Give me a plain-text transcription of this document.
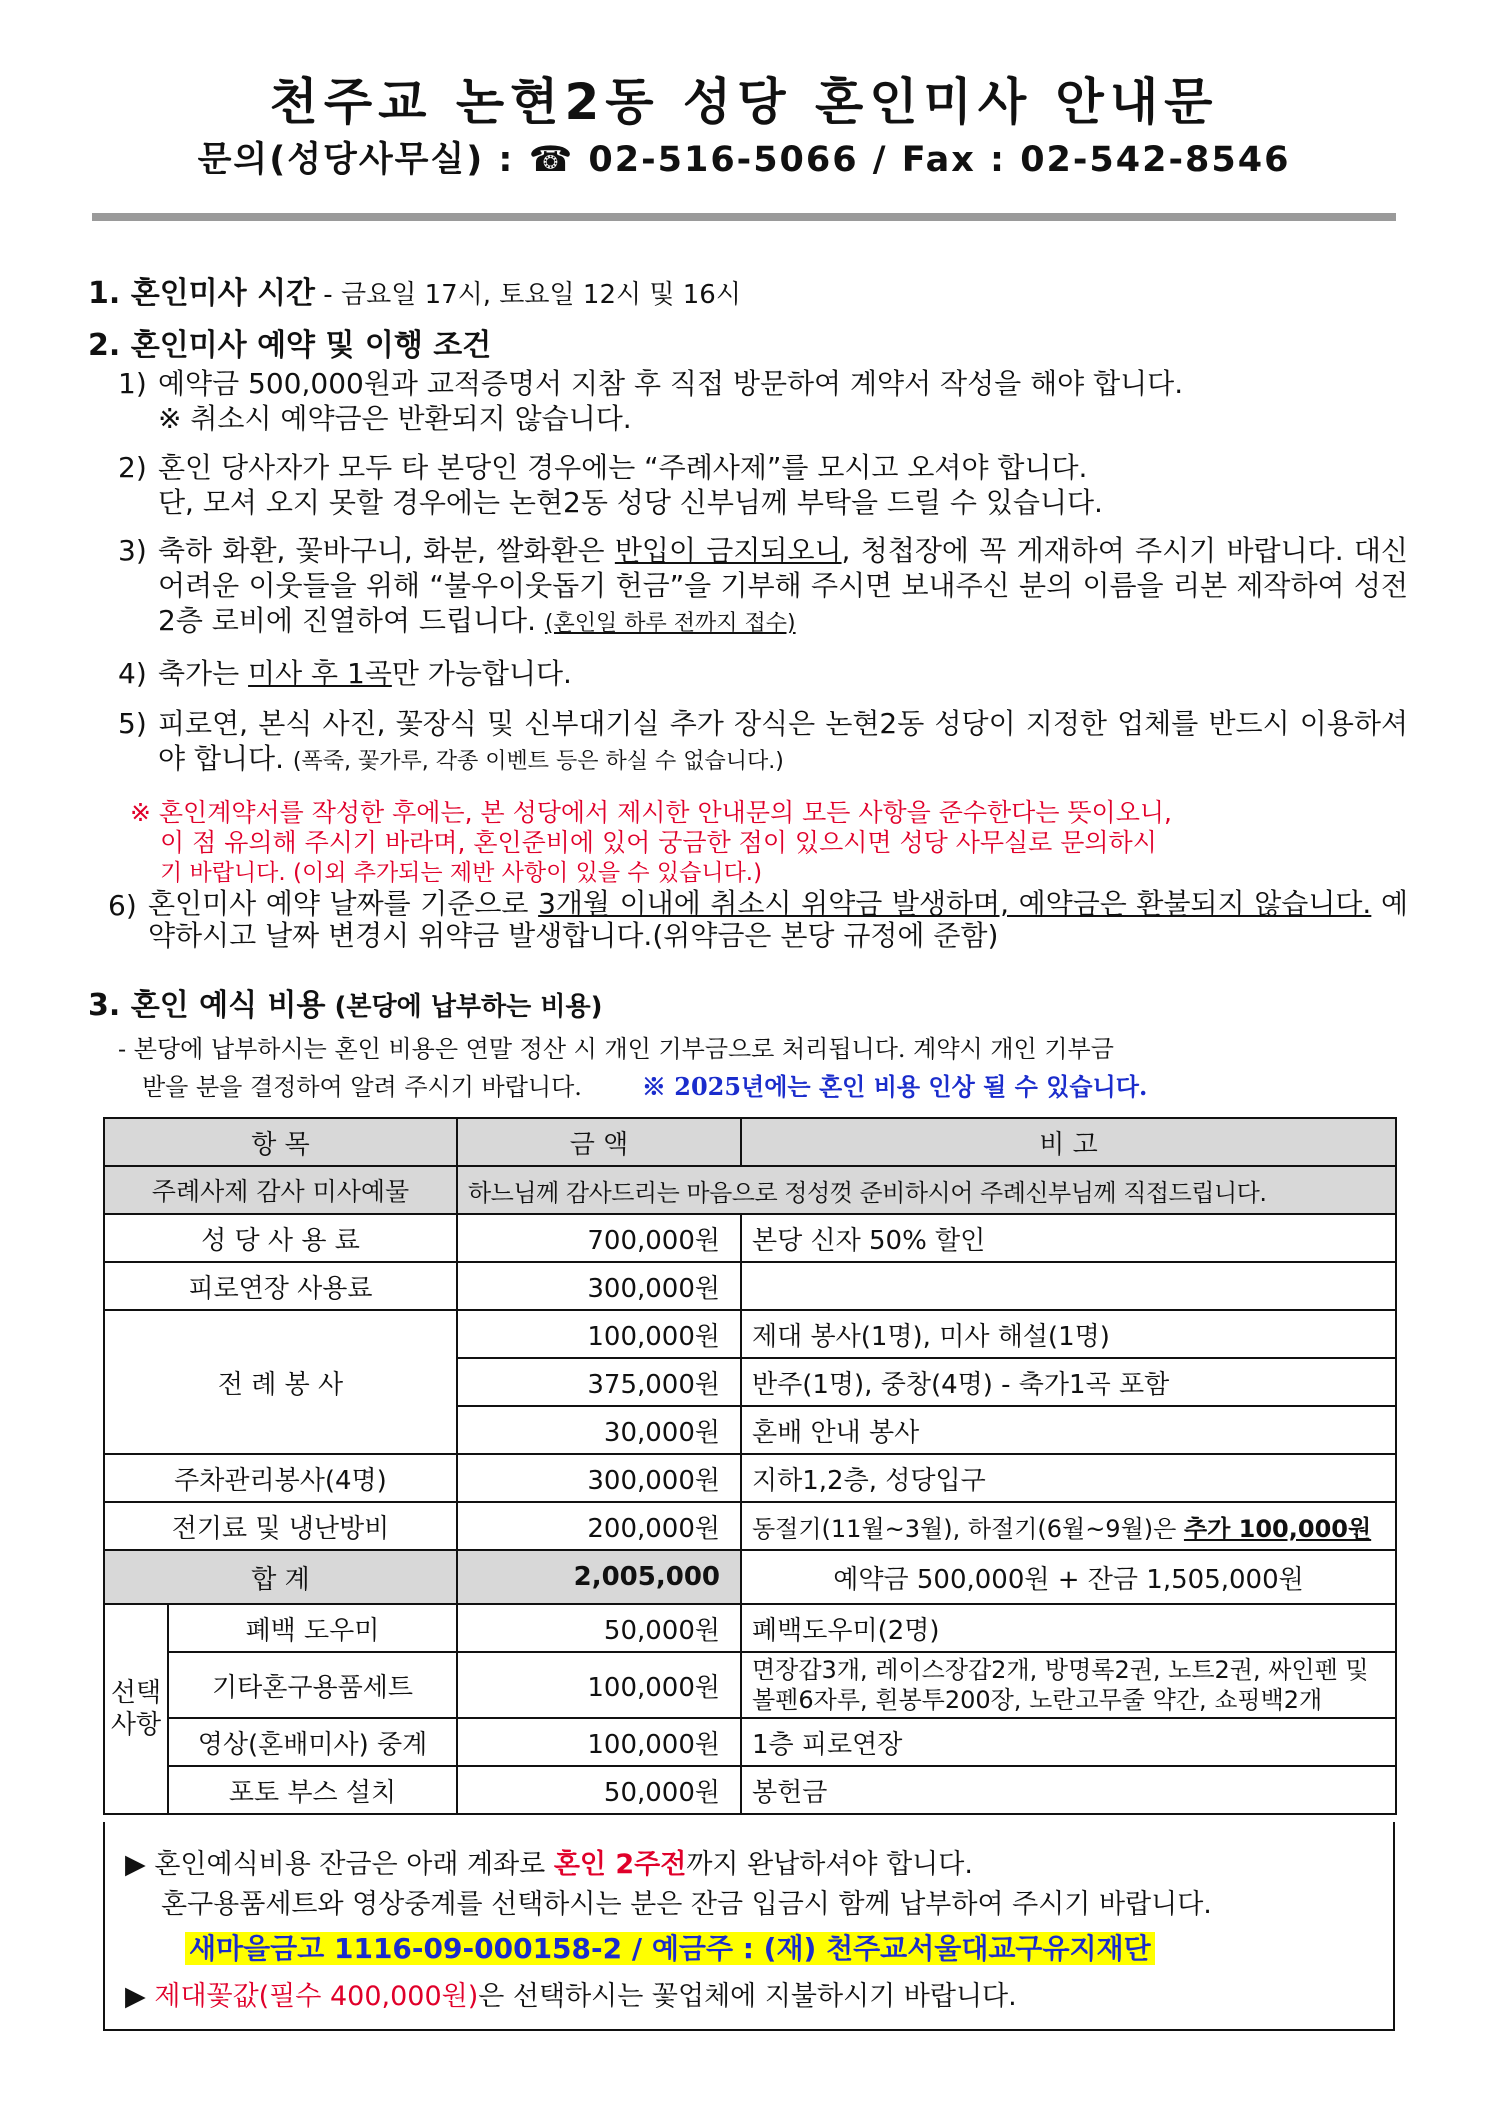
천주교 논현2동 성당 혼인미사 안내문
문의(성당사무실) : ☎ 02-516-5066 / Fax : 02-542-8546
1. 혼인미사 시간 - 금요일 17시, 토요일 12시 및 16시
2. 혼인미사 예약 및 이행 조건
1) 예약금 500,000원과 교적증명서 지참 후 직접 방문하여 계약서 작성을 해야 합니다.
※ 취소시 예약금은 반환되지 않습니다.
2) 혼인 당사자가 모두 타 본당인 경우에는 “주례사제”를 모시고 오셔야 합니다.
단, 모셔 오지 못할 경우에는 논현2동 성당 신부님께 부탁을 드릴 수 있습니다.
3) 축하 화환, 꽃바구니, 화분, 쌀화환은 반입이 금지되오니, 청첩장에 꼭 게재하여 주시기 바랍니다. 대신 어려운 이웃들을 위해 “불우이웃돕기 헌금”을 기부해 주시면 보내주신 분의 이름을 리본 제작하여 성전 2층 로비에 진열하여 드립니다. (혼인일 하루 전까지 접수)
4) 축가는 미사 후 1곡만 가능합니다.
5) 피로연, 본식 사진, 꽃장식 및 신부대기실 추가 장식은 논현2동 성당이 지정한 업체를 반드시 이용하셔야 합니다. (폭죽, 꽃가루, 각종 이벤트 등은 하실 수 없습니다.)
※ 혼인계약서를 작성한 후에는, 본 성당에서 제시한 안내문의 모든 사항을 준수한다는 뜻이오니,
이 점 유의해 주시기 바라며, 혼인준비에 있어 궁금한 점이 있으시면 성당 사무실로 문의하시
기 바랍니다. (이외 추가되는 제반 사항이 있을 수 있습니다.)
6) 혼인미사 예약 날짜를 기준으로 3개월 이내에 취소시 위약금 발생하며, 예약금은 환불되지 않습니다. 예약하시고 날짜 변경시 위약금 발생합니다.(위약금은 본당 규정에 준함)
3. 혼인 예식 비용 (본당에 납부하는 비용)
- 본당에 납부하시는 혼인 비용은 연말 정산 시 개인 기부금으로 처리됩니다. 계약시 개인 기부금
받을 분을 결정하여 알려 주시기 바랍니다.	※ 2025년에는 혼인 비용 인상 될 수 있습니다.
항 목		금 액	비 고
주례사제 감사 미사예물		하느님께 감사드리는 마음으로 정성껏 준비하시어 주례신부님께 직접드립니다.	
성 당 사 용 료		700,000원	본당 신자 50% 할인
피로연장 사용료		300,000원	
전 례 봉 사		100,000원	제대 봉사(1명), 미사 해설(1명)
		375,000원	반주(1명), 중창(4명) - 축가1곡 포함
		30,000원	혼배 안내 봉사
주차관리봉사(4명)		300,000원	지하1,2층, 성당입구
전기료 및 냉난방비		200,000원	동절기(11월~3월), 하절기(6월~9월)은 추가 100,000원
합 계		2,005,000	예약금 500,000원 + 잔금 1,505,000원
선택사항	폐백 도우미	50,000원	폐백도우미(2명)
	기타혼구용품세트	100,000원	면장갑3개, 레이스장갑2개, 방명록2권, 노트2권, 싸인펜 및
볼펜6자루, 흰봉투200장, 노란고무줄 약간, 쇼핑백2개

	영상(혼배미사) 중계	100,000원	1층 피로연장
	포토 부스 설치	50,000원	봉헌금
▶ 혼인예식비용 잔금은 아래 계좌로 혼인 2주전까지 완납하셔야 합니다.
혼구용품세트와 영상중계를 선택하시는 분은 잔금 입금시 함께 납부하여 주시기 바랍니다.
새마을금고 1116-09-000158-2 / 예금주 : (재) 천주교서울대교구유지재단
▶ 제대꽃값(필수 400,000원)은 선택하시는 꽃업체에 지불하시기 바랍니다.
